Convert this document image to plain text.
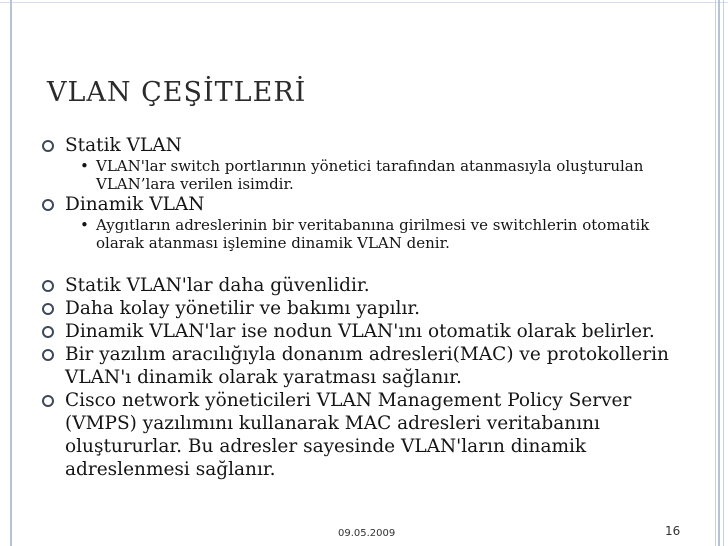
VLAN ÇEŞİTLERİ
Statik VLAN
• VLAN'lar switch portlarının yönetici tarafından atanmasıyla oluşturulan VLAN’lara verilen isimdir.
Dinamik VLAN
• Aygıtların adreslerinin bir veritabanına girilmesi ve switchlerin otomatik olarak atanması işlemine dinamik VLAN denir.
Statik VLAN'lar daha güvenlidir.
Daha kolay yönetilir ve bakımı yapılır.
Dinamik VLAN'lar ise nodun VLAN'ını otomatik olarak belirler.
Bir yazılım aracılığıyla donanım adresleri(MAC) ve protokollerin VLAN'ı dinamik olarak yaratması sağlanır.
Cisco network yöneticileri VLAN Management Policy Server (VMPS) yazılımını kullanarak MAC adresleri veritabanını oluştururlar. Bu adresler sayesinde VLAN'ların dinamik adreslenmesi sağlanır.
09.05.2009	16
